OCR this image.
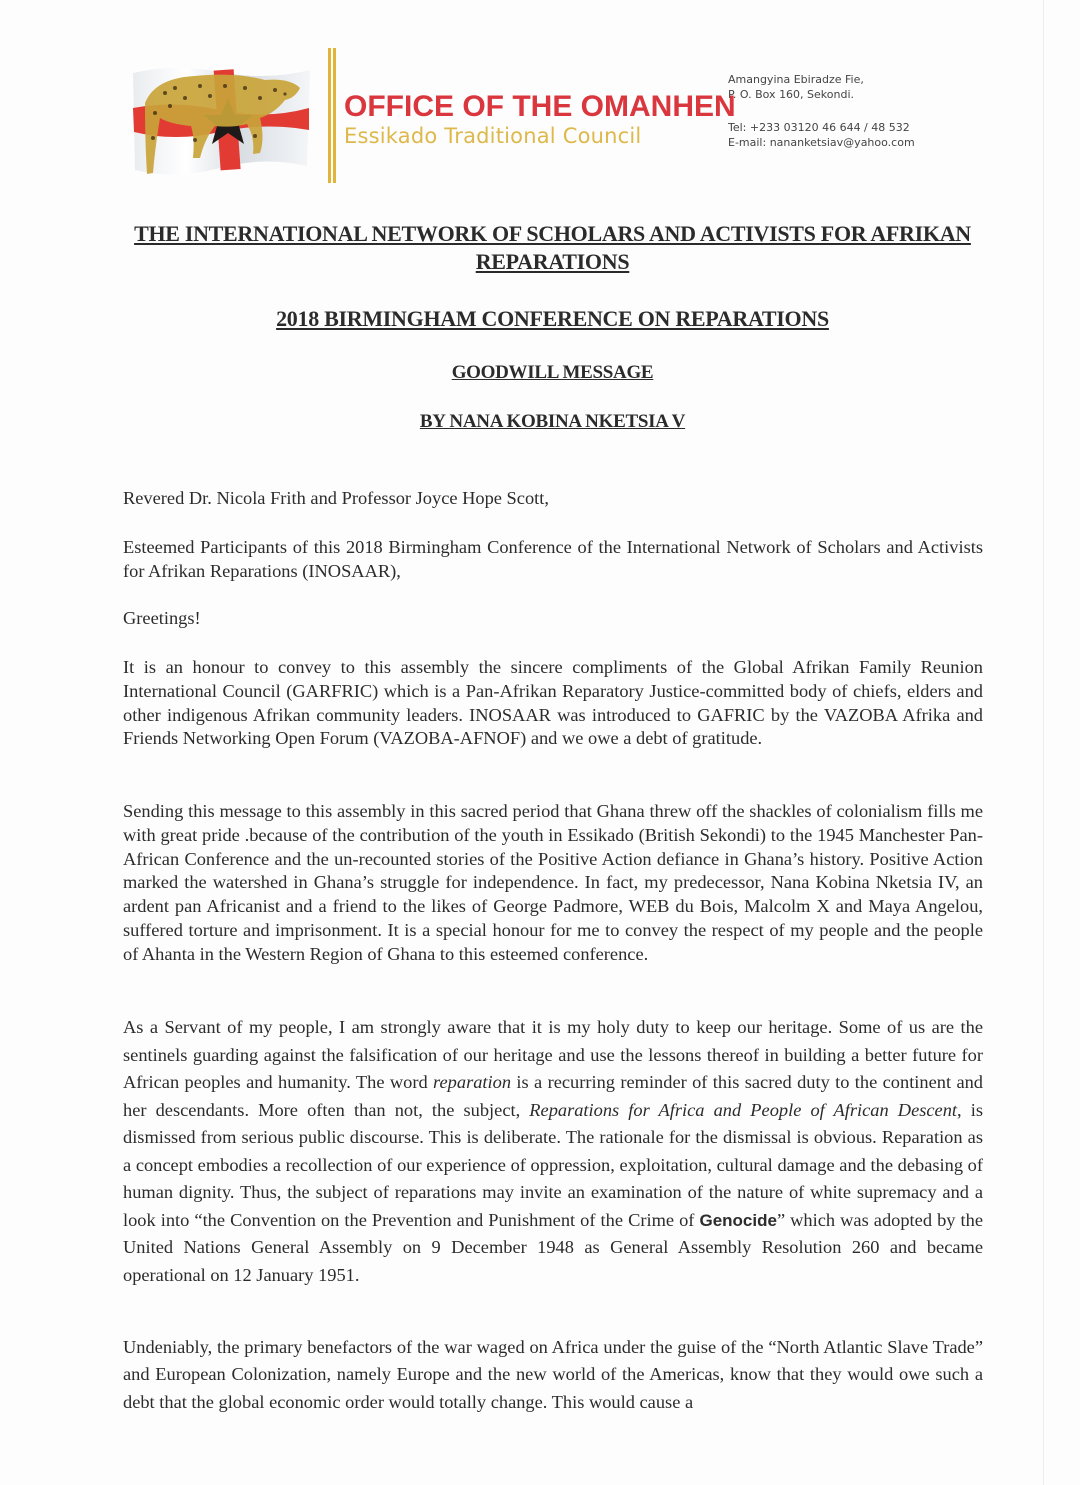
OFFICE OF THE OMANHEN
Essikado Traditional Council
Amangyina Ebiradze Fie,
P. O. Box 160, Sekondi.
Tel: +233 03120 46 644 / 48 532
E-mail: nananketsiav@yahoo.com
THE INTERNATIONAL NETWORK OF SCHOLARS AND ACTIVISTS FOR AFRIKAN REPARATIONS
2018 BIRMINGHAM CONFERENCE ON REPARATIONS
GOODWILL MESSAGE
BY NANA KOBINA NKETSIA V

Revered Dr. Nicola Frith and Professor Joyce Hope Scott,

Esteemed Participants of this 2018 Birmingham Conference of the International Network of Scholars and Activists for Afrikan Reparations (INOSAAR),

Greetings!

It is an honour to convey to this assembly the sincere compliments of the Global Afrikan Family Reunion International Council (GARFRIC) which is a Pan-Afrikan Reparatory Justice-committed body of chiefs, elders and other indigenous Afrikan community leaders. INOSAAR was introduced to GAFRIC by the VAZOBA Afrika and Friends Networking Open Forum (VAZOBA-AFNOF) and we owe a debt of gratitude.

Sending this message to this assembly in this sacred period that Ghana threw off the shackles of colonialism fills me with great pride .because of the contribution of the youth in Essikado (British Sekondi) to the 1945 Manchester Pan-African Conference and the un-recounted stories of the Positive Action defiance in Ghana’s history. Positive Action marked the watershed in Ghana’s struggle for independence. In fact, my predecessor, Nana Kobina Nketsia IV, an ardent pan Africanist and a friend to the likes of George Padmore, WEB du Bois, Malcolm X and Maya Angelou, suffered torture and imprisonment. It is a special honour for me to convey the respect of my people and the people of Ahanta in the Western Region of Ghana to this esteemed conference.

As a Servant of my people, I am strongly aware that it is my holy duty to keep our heritage. Some of us are the sentinels guarding against the falsification of our heritage and use the lessons thereof in building a better future for African peoples and humanity. The word reparation is a recurring reminder of this sacred duty to the continent and her descendants. More often than not, the subject, Reparations for Africa and People of African Descent, is dismissed from serious public discourse. This is deliberate. The rationale for the dismissal is obvious. Reparation as a concept embodies a recollection of our experience of oppression, exploitation, cultural damage and the debasing of human dignity. Thus, the subject of reparations may invite an examination of the nature of white supremacy and a look into “the Convention on the Prevention and Punishment of the Crime of Genocide” which was adopted by the United Nations General Assembly on 9 December 1948 as General Assembly Resolution 260 and became operational on 12 January 1951.

Undeniably, the primary benefactors of the war waged on Africa under the guise of the “North Atlantic Slave Trade” and European Colonization, namely Europe and the new world of the Americas, know that they would owe such a debt that the global economic order would totally change. This would cause a
